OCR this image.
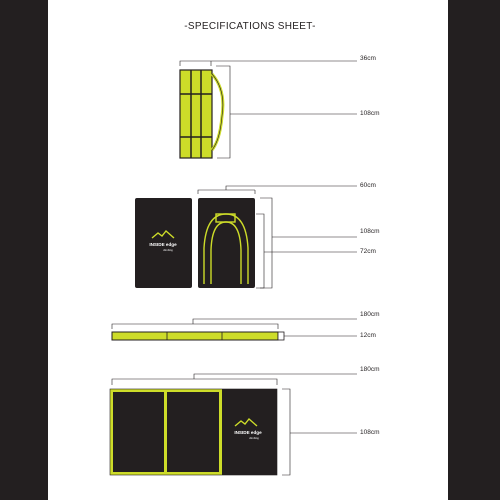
-SPECIFICATIONS SHEET-
INSIDE edge
climbing
INSIDE edge
climbing
36cm
108cm
60cm
108cm
72cm
180cm
12cm
180cm
108cm
